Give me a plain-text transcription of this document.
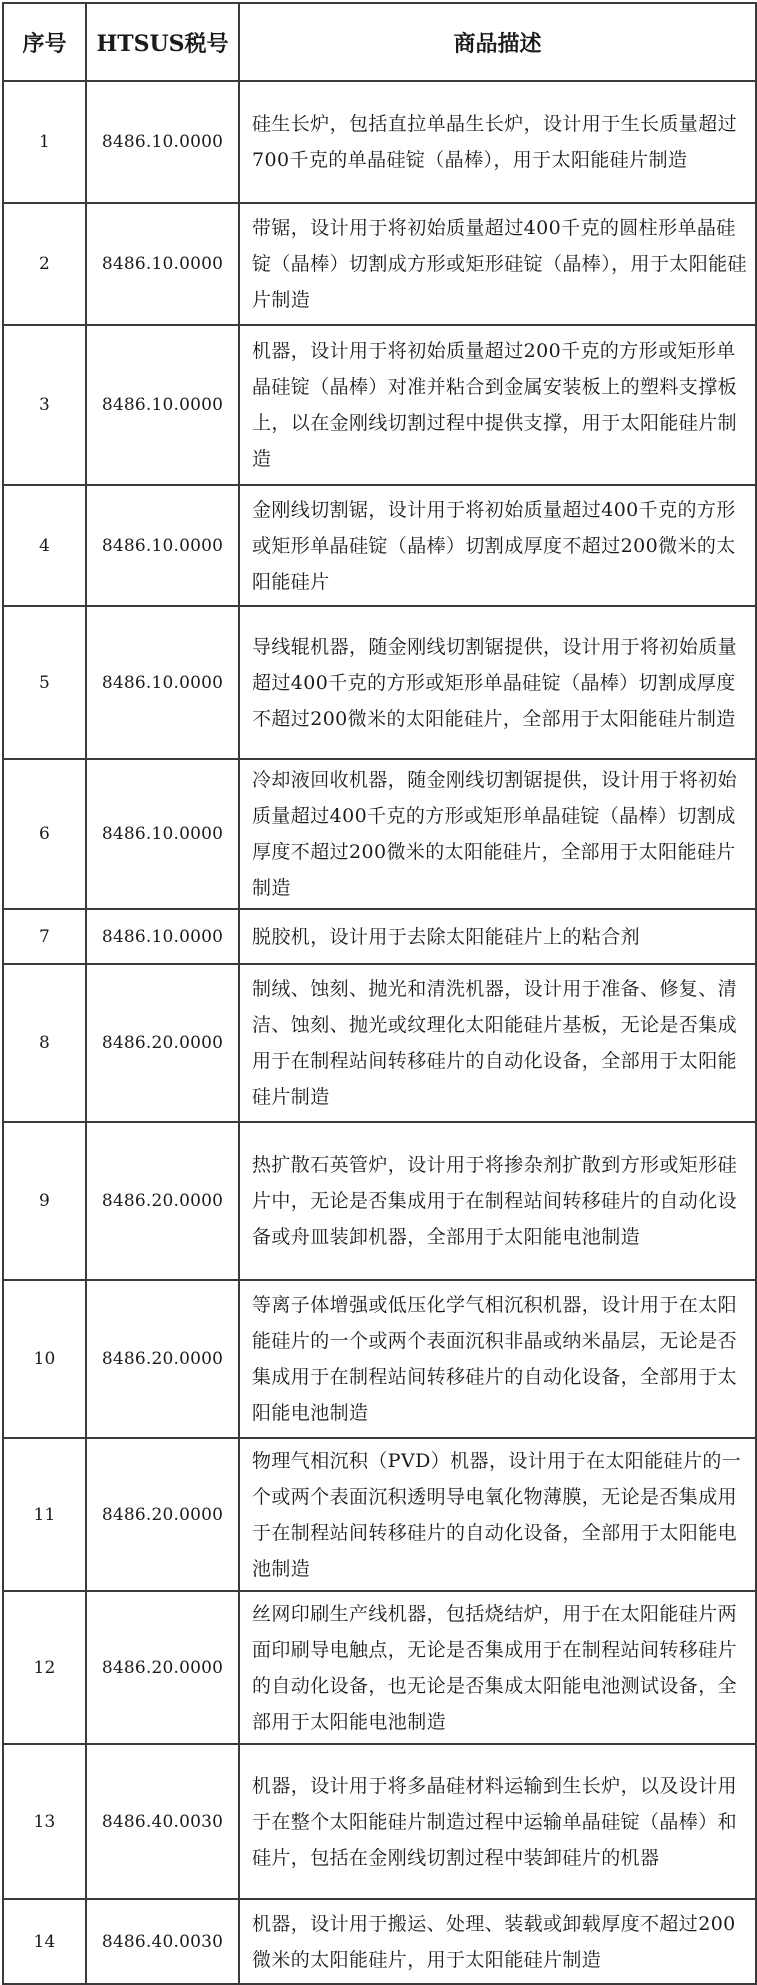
序号	HTSUS税号	商品描述
1	8486.10.0000	硅生长炉，包括直拉单晶生长炉，设计用于生长质量超过700千克的单晶硅锭（晶棒），用于太阳能硅片制造
2	8486.10.0000	带锯，设计用于将初始质量超过400千克的圆柱形单晶硅锭（晶棒）切割成方形或矩形硅锭（晶棒），用于太阳能硅片制造
3	8486.10.0000	机器，设计用于将初始质量超过200千克的方形或矩形单晶硅锭（晶棒）对准并粘合到金属安装板上的塑料支撑板上，以在金刚线切割过程中提供支撑，用于太阳能硅片制造
4	8486.10.0000	金刚线切割锯，设计用于将初始质量超过400千克的方形或矩形单晶硅锭（晶棒）切割成厚度不超过200微米的太阳能硅片
5	8486.10.0000	导线辊机器，随金刚线切割锯提供，设计用于将初始质量超过400千克的方形或矩形单晶硅锭（晶棒）切割成厚度不超过200微米的太阳能硅片，全部用于太阳能硅片制造
6	8486.10.0000	冷却液回收机器，随金刚线切割锯提供，设计用于将初始质量超过400千克的方形或矩形单晶硅锭（晶棒）切割成厚度不超过200微米的太阳能硅片，全部用于太阳能硅片制造
7	8486.10.0000	脱胶机，设计用于去除太阳能硅片上的粘合剂
8	8486.20.0000	制绒、蚀刻、抛光和清洗机器，设计用于准备、修复、清洁、蚀刻、抛光或纹理化太阳能硅片基板，无论是否集成用于在制程站间转移硅片的自动化设备，全部用于太阳能硅片制造
9	8486.20.0000	热扩散石英管炉，设计用于将掺杂剂扩散到方形或矩形硅片中，无论是否集成用于在制程站间转移硅片的自动化设备或舟皿装卸机器，全部用于太阳能电池制造
10	8486.20.0000	等离子体增强或低压化学气相沉积机器，设计用于在太阳能硅片的一个或两个表面沉积非晶或纳米晶层，无论是否集成用于在制程站间转移硅片的自动化设备，全部用于太阳能电池制造
11	8486.20.0000	物理气相沉积（PVD）机器，设计用于在太阳能硅片的一个或两个表面沉积透明导电氧化物薄膜，无论是否集成用于在制程站间转移硅片的自动化设备，全部用于太阳能电池制造
12	8486.20.0000	丝网印刷生产线机器，包括烧结炉，用于在太阳能硅片两面印刷导电触点，无论是否集成用于在制程站间转移硅片的自动化设备，也无论是否集成太阳能电池测试设备，全部用于太阳能电池制造
13	8486.40.0030	机器，设计用于将多晶硅材料运输到生长炉，以及设计用于在整个太阳能硅片制造过程中运输单晶硅锭（晶棒）和硅片，包括在金刚线切割过程中装卸硅片的机器
14	8486.40.0030	机器，设计用于搬运、处理、装载或卸载厚度不超过200微米的太阳能硅片，用于太阳能硅片制造
